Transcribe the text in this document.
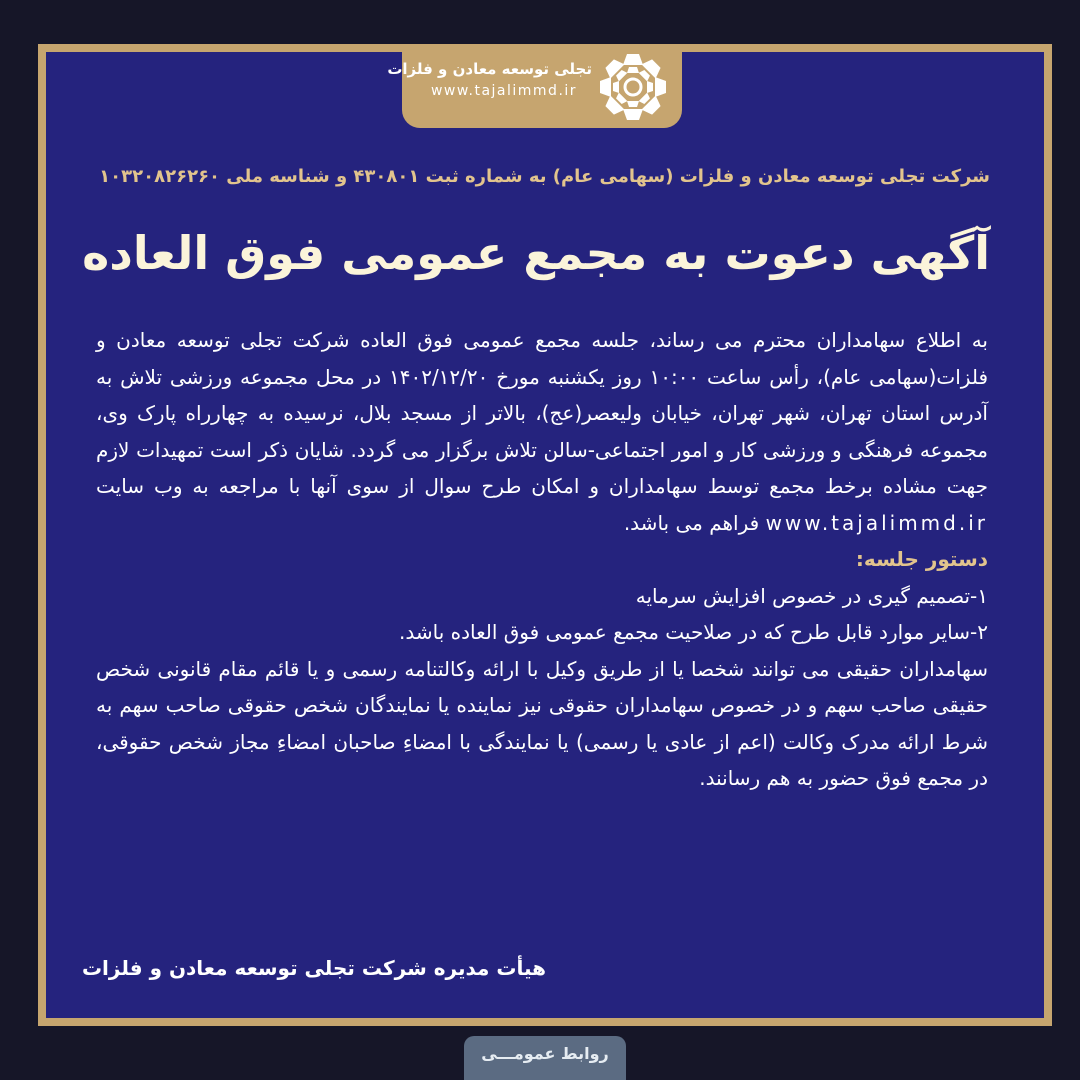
تجلی توسعه معادن و فلزات
www.tajalimmd.ir
شرکت تجلی توسعه معادن و فلزات (سهامی عام) به شماره ثبت ۴۳۰۸۰۱ و شناسه ملی ۱۰۳۲۰۸۲۶۲۶۰
آگهی دعوت به مجمع عمومی فوق العاده

به اطلاع سهامداران محترم می رساند، جلسه مجمع عمومی فوق العاده شرکت تجلی توسعه معادن و فلزات(سهامی عام)، رأس ساعت ۱۰:۰۰ روز یکشنبه مورخ ۱۴۰۲/۱۲/۲۰ در محل مجموعه ورزشی تلاش به آدرس استان تهران، شهر تهران، خیابان ولیعصر(عج)، بالاتر از مسجد بلال، نرسیده به چهارراه پارک وی، مجموعه فرهنگی و ورزشی کار و امور اجتماعی-سالن تلاش برگزار می گردد. شایان ذکر است تمهیدات لازم جهت مشاده برخط مجمع توسط سهامداران و امکان طرح سوال از سوی آنها با مراجعه به وب سایت www.tajalimmd.ir فراهم می باشد.

دستور جلسه:

۱-تصمیم گیری در خصوص افزایش سرمایه

۲-سایر موارد قابل طرح که در صلاحیت مجمع عمومی فوق العاده باشد.

سهامداران حقیقی می توانند شخصا یا از طریق وکیل با ارائه وکالتنامه رسمی و یا قائم مقام قانونی شخص حقیقی صاحب سهم و در خصوص سهامداران حقوقی نیز نماینده یا نمایندگان شخص حقوقی صاحب سهم به شرط ارائه مدرک وکالت (اعم از عادی یا رسمی) یا نمایندگی با امضاءِ صاحبان امضاءِ مجاز شخص حقوقی، در مجمع فوق حضور به هم رسانند.

هیأت مدیره شرکت تجلی توسعه معادن و فلزات
روابط عمومـــی
